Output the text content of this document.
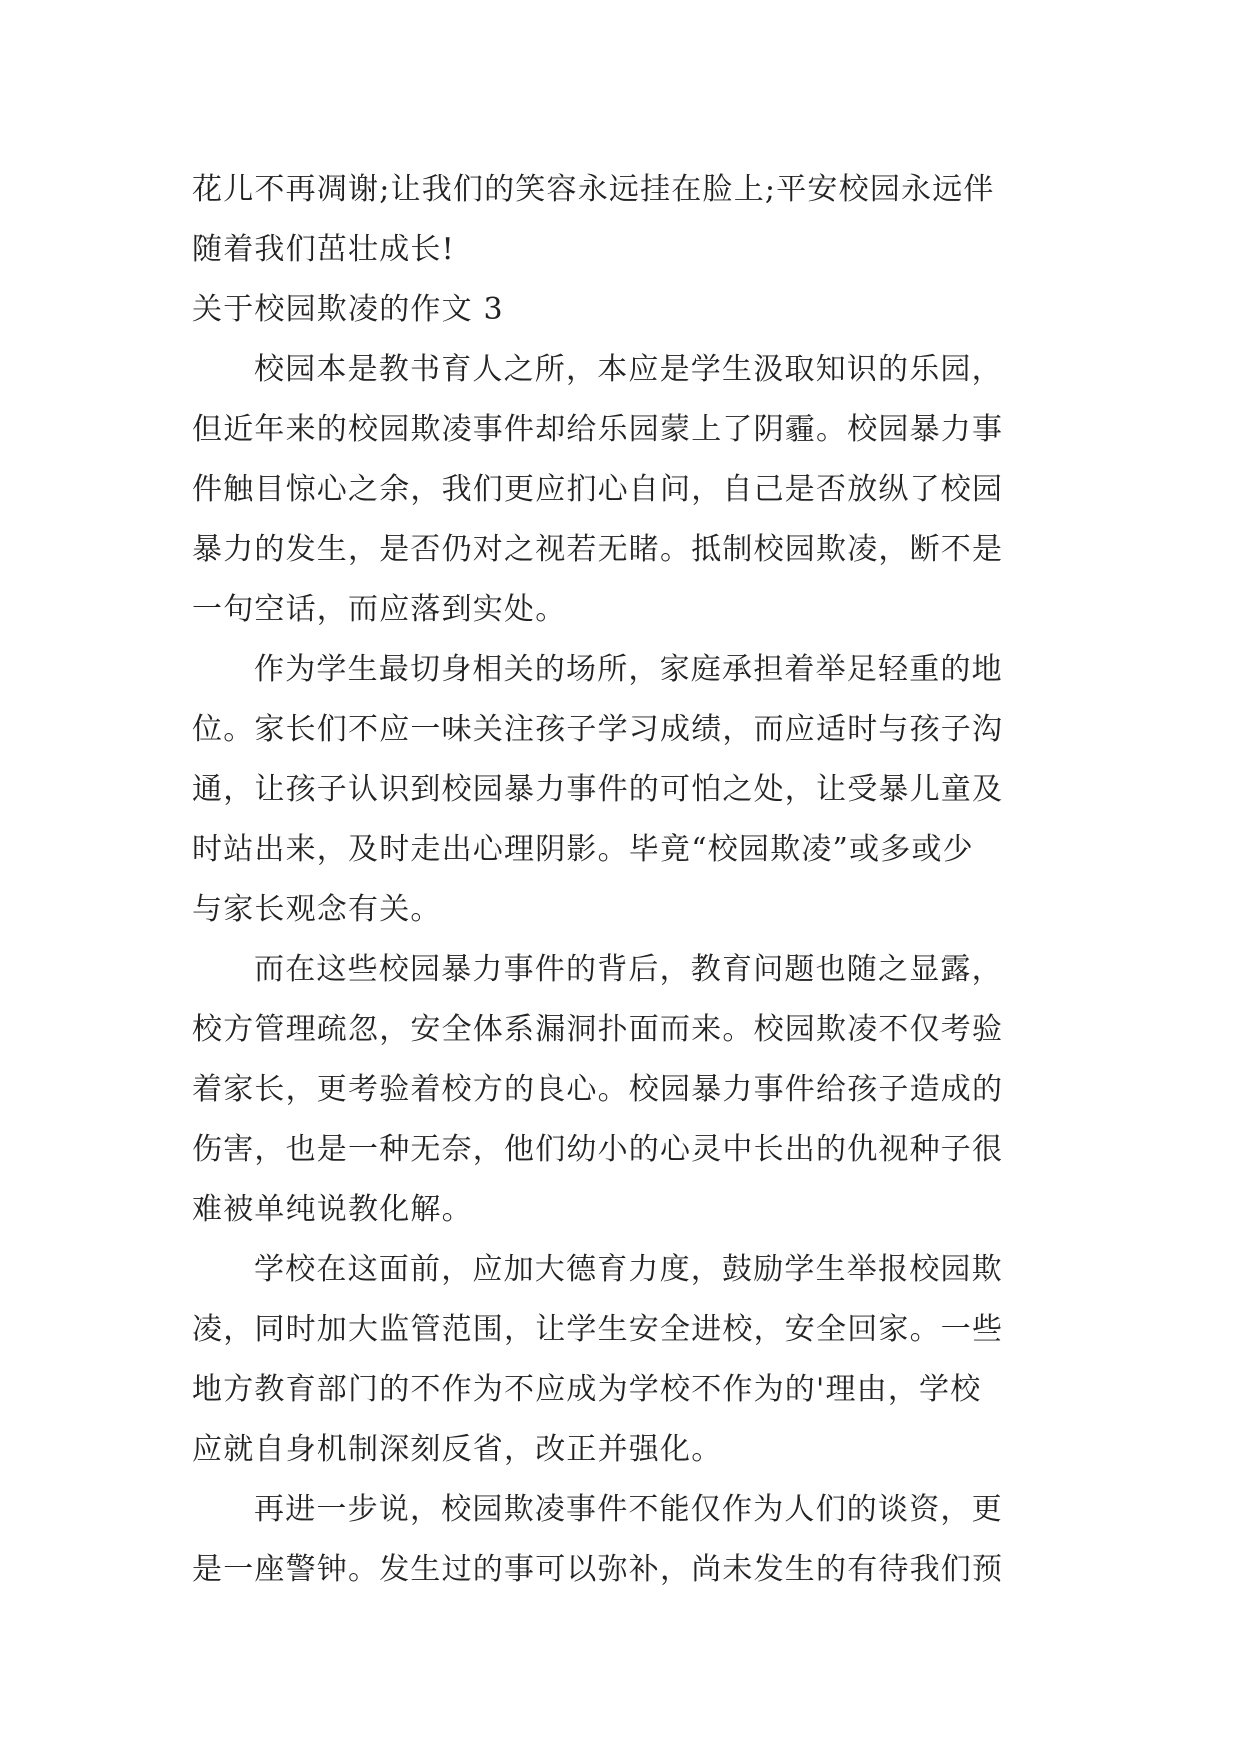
花儿不再凋谢;让我们的笑容永远挂在脸上;平安校园永远伴

随着我们茁壮成长!

关于校园欺凌的作文 3

校园本是教书育人之所，本应是学生汲取知识的乐园，

但近年来的校园欺凌事件却给乐园蒙上了阴霾。校园暴力事

件触目惊心之余，我们更应扪心自问，自己是否放纵了校园

暴力的发生，是否仍对之视若无睹。抵制校园欺凌，断不是

一句空话，而应落到实处。

作为学生最切身相关的场所，家庭承担着举足轻重的地

位。家长们不应一味关注孩子学习成绩，而应适时与孩子沟

通，让孩子认识到校园暴力事件的可怕之处，让受暴儿童及

时站出来，及时走出心理阴影。毕竟“校园欺凌”或多或少

与家长观念有关。

而在这些校园暴力事件的背后，教育问题也随之显露，

校方管理疏忽，安全体系漏洞扑面而来。校园欺凌不仅考验

着家长，更考验着校方的良心。校园暴力事件给孩子造成的

伤害，也是一种无奈，他们幼小的心灵中长出的仇视种子很

难被单纯说教化解。

学校在这面前，应加大德育力度，鼓励学生举报校园欺

凌，同时加大监管范围，让学生安全进校，安全回家。一些

地方教育部门的不作为不应成为学校不作为的'理由，学校

应就自身机制深刻反省，改正并强化。

再进一步说，校园欺凌事件不能仅作为人们的谈资，更

是一座警钟。发生过的事可以弥补，尚未发生的有待我们预
